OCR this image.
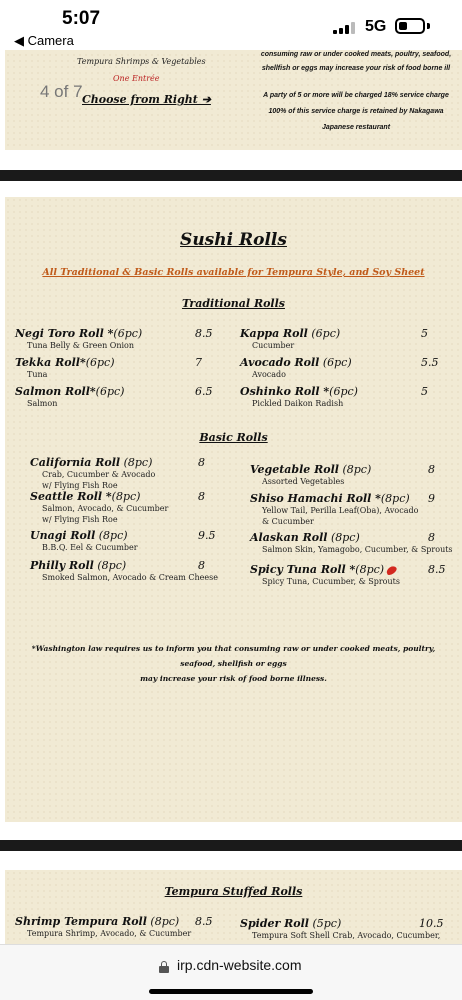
5:07
◀ Camera
5G
Tempura Shrimps & Vegetables
One Entrée
4 of 7 Choose from Right ➔
consuming raw or under cooked meats, poultry, seafood,
shellfish or eggs may increase your risk of food borne ill
A party of 5 or more will be charged 18% service charge
100% of this service charge is retained by Nakagawa
Japanese restaurant
Sushi Rolls
All Traditional & Basic Rolls available for Tempura Style, and Soy Sheet
Traditional Rolls
Negi Toro Roll *(6pc)
Tuna Belly & Green Onion
8.5
Tekka Roll*(6pc)
Tuna
7
Salmon Roll*(6pc)
Salmon
6.5
Kappa Roll (6pc)
Cucumber
5
Avocado Roll (6pc)
Avocado
5.5
Oshinko Roll *(6pc)
Pickled Daikon Radish
5
Basic Rolls
California Roll (8pc)
Crab, Cucumber & Avocado
w/ Flying Fish Roe
8
Seattle Roll *(8pc)
Salmon, Avocado, & Cucumber
w/ Flying Fish Roe
8
Unagi Roll (8pc)
B.B.Q. Eel & Cucumber
9.5
Philly Roll (8pc)
Smoked Salmon, Avocado & Cream Cheese
8
Vegetable Roll (8pc)
Assorted Vegetables
8
Shiso Hamachi Roll *(8pc)
Yellow Tail, Perilla Leaf(Oba), Avocado
& Cucumber
9
Alaskan Roll (8pc)
Salmon Skin, Yamagobo, Cucumber, & Sprouts
8
Spicy Tuna Roll *(8pc)
Spicy Tuna, Cucumber, & Sprouts
8.5
*Washington law requires us to inform you that consuming raw or under cooked meats, poultry, seafood, shellfish or eggs
may increase your risk of food borne illness.
Tempura Stuffed Rolls
Shrimp Tempura Roll (8pc)
Tempura Shrimp, Avocado, & Cucumber
8.5	Spider Roll (5pc)
Tempura Soft Shell Crab, Avocado, Cucumber,
10.5
irp.cdn-website.com
